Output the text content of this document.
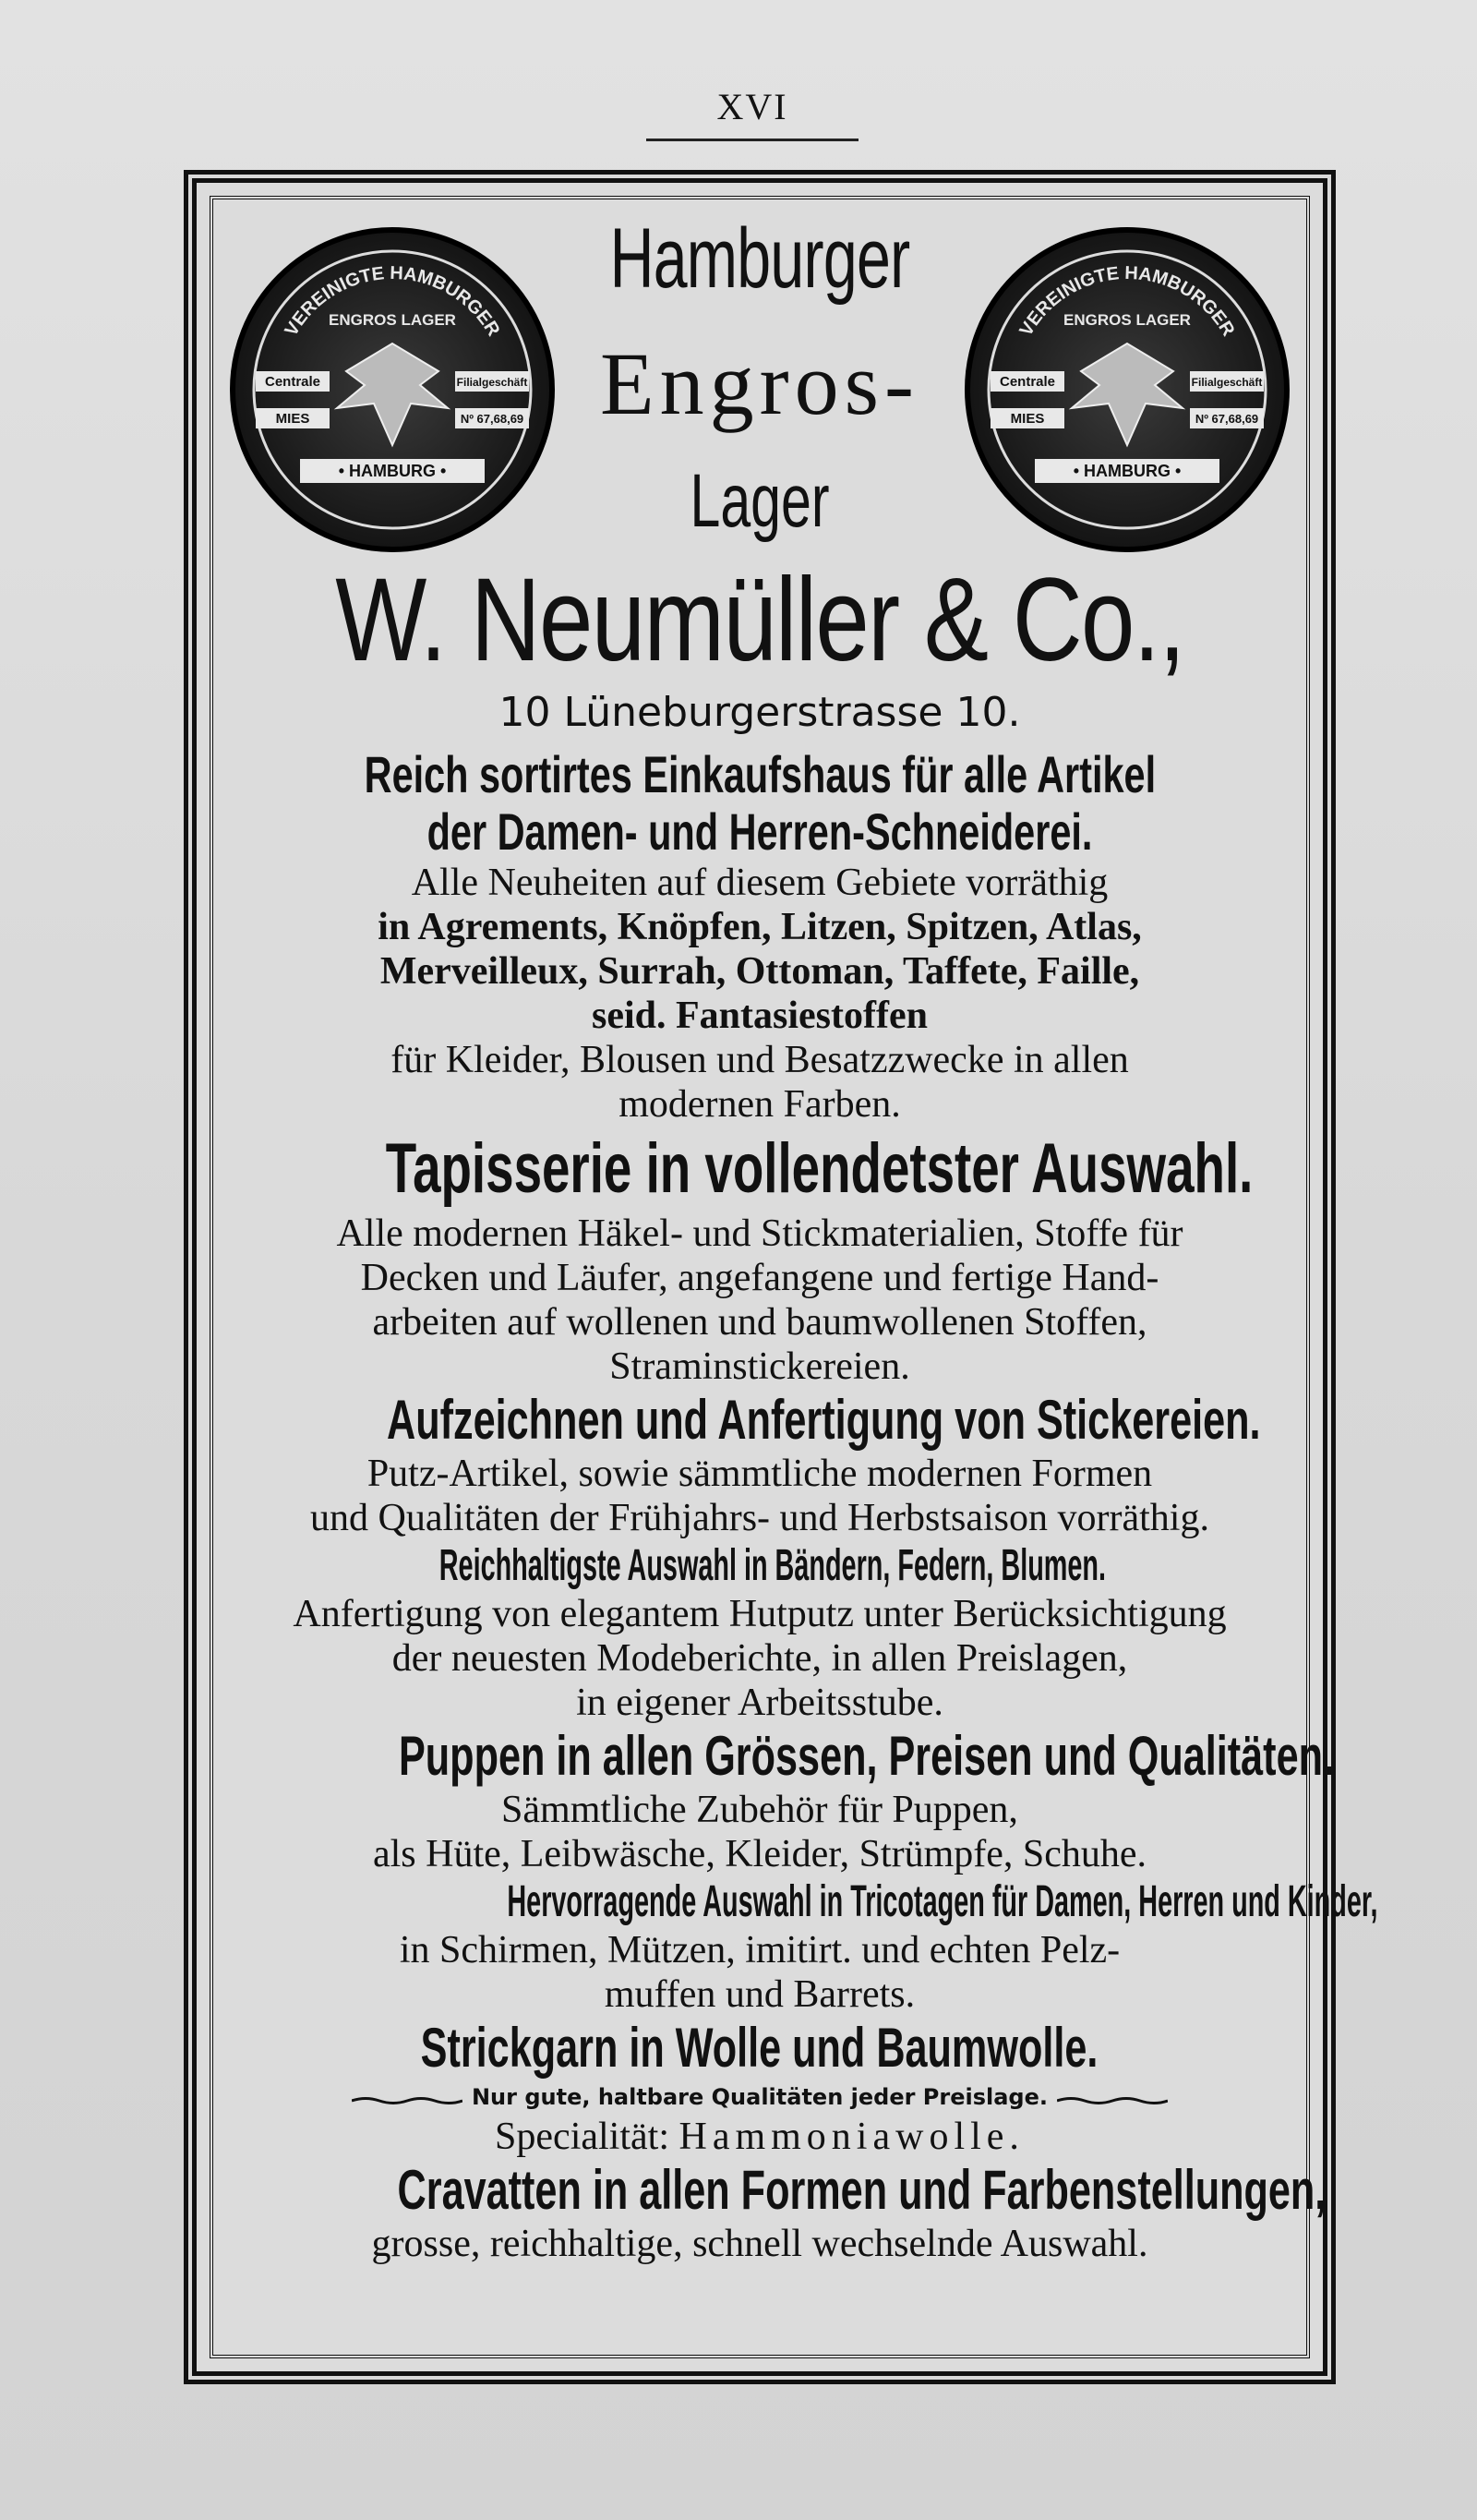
XVI
VEREINIGTE HAMBURGER
ENGROS LAGER
Centrale	Filialgeschäft
MIES	Nº 67,68,69
• HAMBURG •
VEREINIGTE HAMBURGER
ENGROS LAGER
Centrale	Filialgeschäft
MIES	Nº 67,68,69
• HAMBURG •
Hamburger
Engros-
Lager
W. Neumüller & Co.,
10 Lüneburgerstrasse 10.
Reich sortirtes Einkaufshaus für alle Artikel
der Damen- und Herren-Schneiderei.
Alle Neuheiten auf diesem Gebiete vorräthig
in Agrements, Knöpfen, Litzen, Spitzen, Atlas,
Merveilleux, Surrah, Ottoman, Taffete, Faille,
seid. Fantasiestoffen
für Kleider, Blousen und Besatzzwecke in allen
modernen Farben.
Tapisserie in vollendetster Auswahl.
Alle modernen Häkel- und Stickmaterialien, Stoffe für
Decken und Läufer, angefangene und fertige Hand-
arbeiten auf wollenen und baumwollenen Stoffen,
Straminstickereien.
Aufzeichnen und Anfertigung von Stickereien.
Putz-Artikel, sowie sämmtliche modernen Formen
und Qualitäten der Frühjahrs- und Herbstsaison vorräthig.
Reichhaltigste Auswahl in Bändern, Federn, Blumen.
Anfertigung von elegantem Hutputz unter Berücksichtigung
der neuesten Modeberichte, in allen Preislagen,
in eigener Arbeitsstube.
Puppen in allen Grössen, Preisen und Qualitäten.
Sämmtliche Zubehör für Puppen,
als Hüte, Leibwäsche, Kleider, Strümpfe, Schuhe.
Hervorragende Auswahl in Tricotagen für Damen, Herren und Kinder,
in Schirmen, Mützen, imitirt. und echten Pelz-
muffen und Barrets.
Strickgarn in Wolle und Baumwolle.
Nur gute, haltbare Qualitäten jeder Preislage.
Specialität: Hammoniawolle.
Cravatten in allen Formen und Farbenstellungen,
grosse, reichhaltige, schnell wechselnde Auswahl.
